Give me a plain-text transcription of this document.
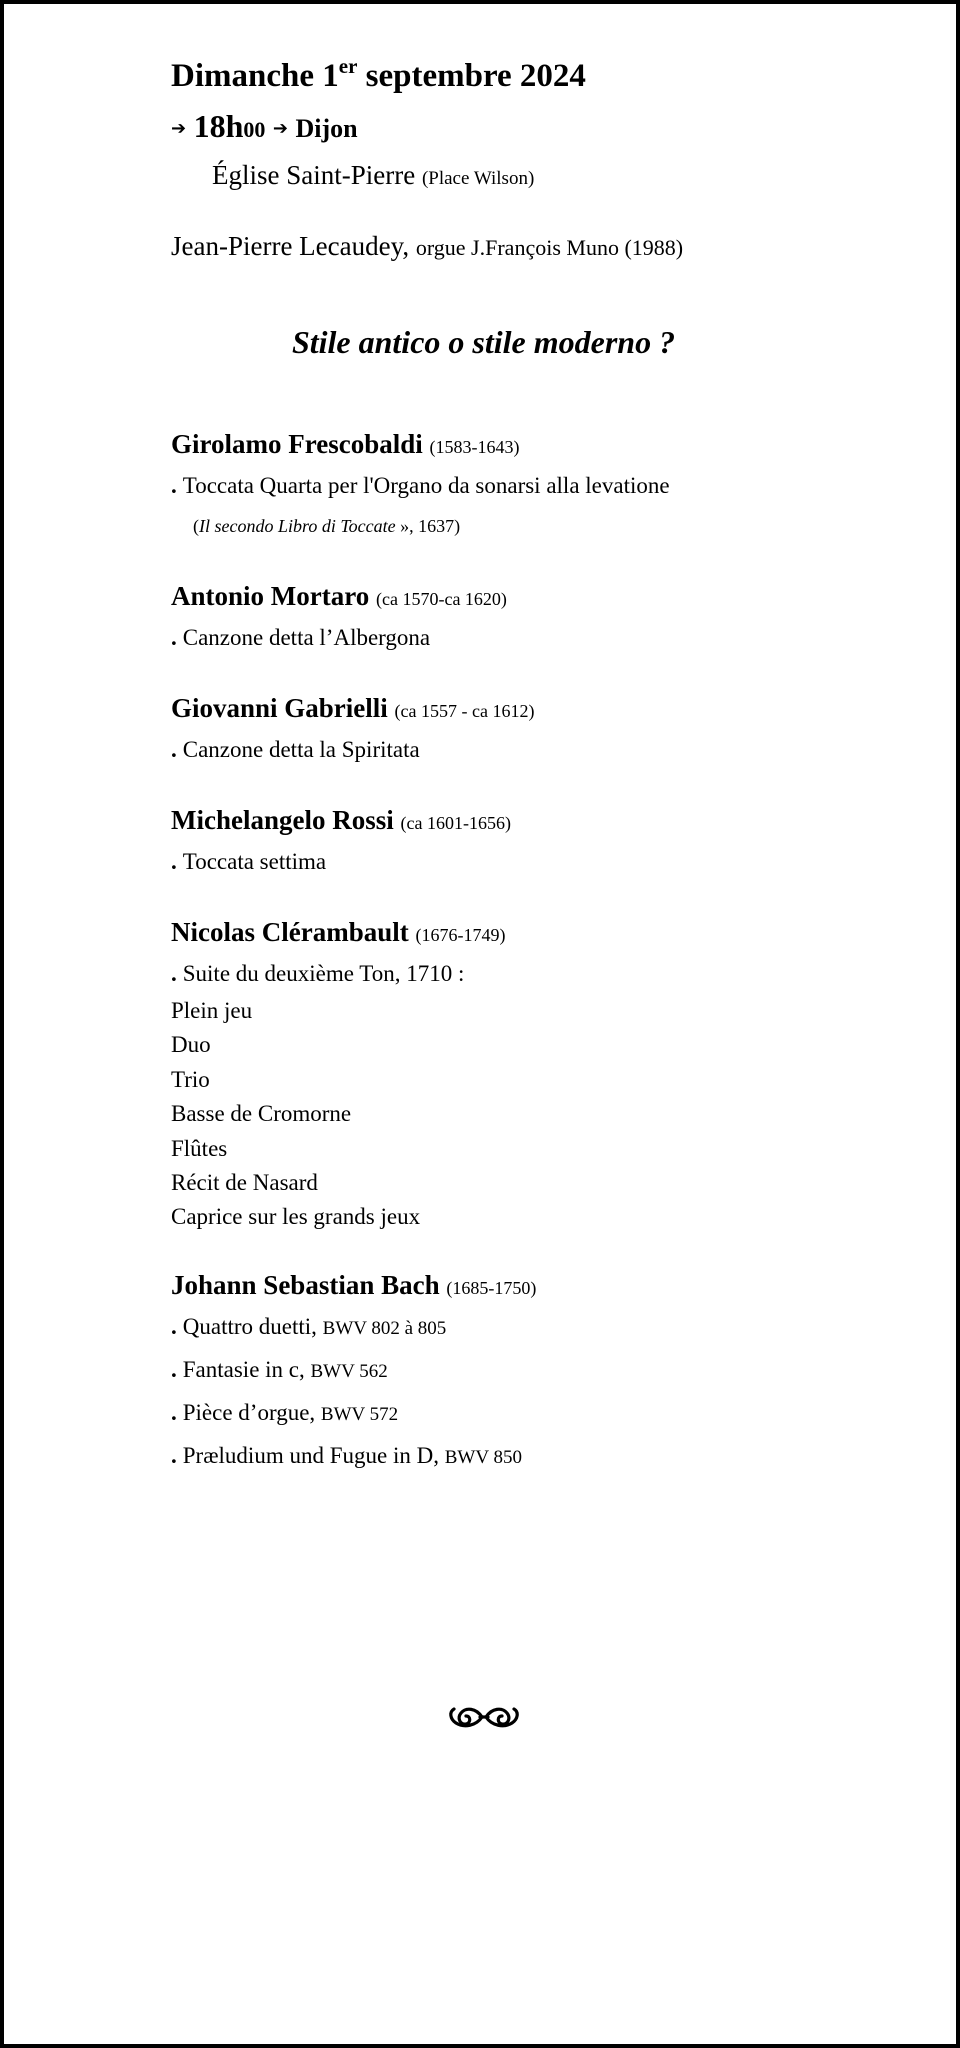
Dimanche 1er septembre 2024
➔ 18h00 ➔ Dijon
Église Saint-Pierre (Place Wilson)
Jean-Pierre Lecaudey, orgue J.François Muno (1988)
Stile antico o stile moderno ?
Girolamo Frescobaldi (1583-1643)
. Toccata Quarta per l'Organo da sonarsi alla levatione
(Il secondo Libro di Toccate », 1637)
Antonio Mortaro (ca 1570-ca 1620)
. Canzone detta l’Albergona
Giovanni Gabrielli (ca 1557 - ca 1612)
. Canzone detta la Spiritata
Michelangelo Rossi (ca 1601-1656)
. Toccata settima
Nicolas Clérambault (1676-1749)
. Suite du deuxième Ton, 1710 :
Plein jeu
Duo
Trio
Basse de Cromorne
Flûtes
Récit de Nasard
Caprice sur les grands jeux
Johann Sebastian Bach (1685-1750)
. Quattro duetti, BWV 802 à 805
. Fantasie in c, BWV 562
. Pièce d’orgue, BWV 572
. Præludium und Fugue in D, BWV 850
